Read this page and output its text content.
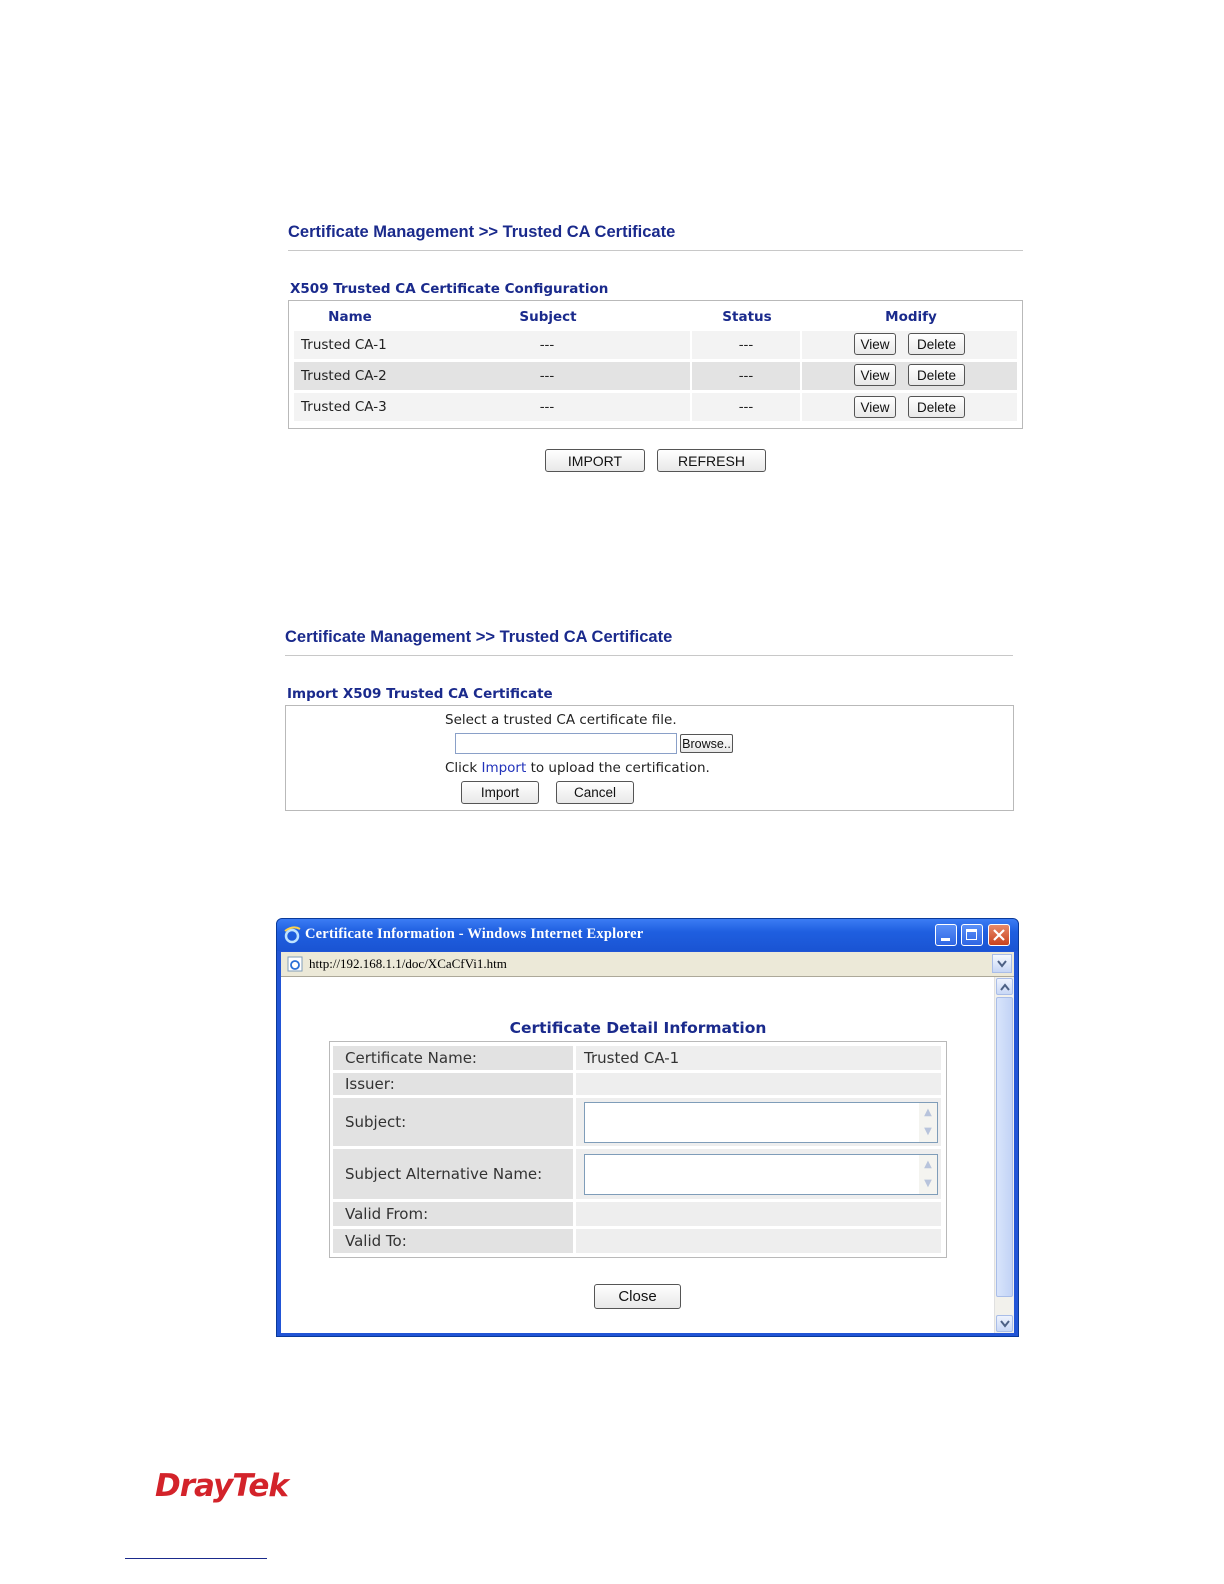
Certificate Management >> Trusted CA Certificate
X509 Trusted CA Certificate Configuration
Name	Subject	Status	Modify
Trusted CA-1	---	---	View	Delete
Trusted CA-2	---	---	View	Delete
Trusted CA-3	---	---	View	Delete
IMPORT	REFRESH
Certificate Management >> Trusted CA Certificate
Import X509 Trusted CA Certificate
Select a trusted CA certificate file.
Browse..
Click Import to upload the certification.
Import	Cancel
Certificate Information - Windows Internet Explorer
http://192.168.1.1/doc/XCaCfVi1.htm
Certificate Detail Information
Certificate Name:	Trusted CA-1
Issuer:
Subject:
▲
▼
Subject Alternative Name:
▲
▼
Valid From:
Valid To:
Close
DrayTek
